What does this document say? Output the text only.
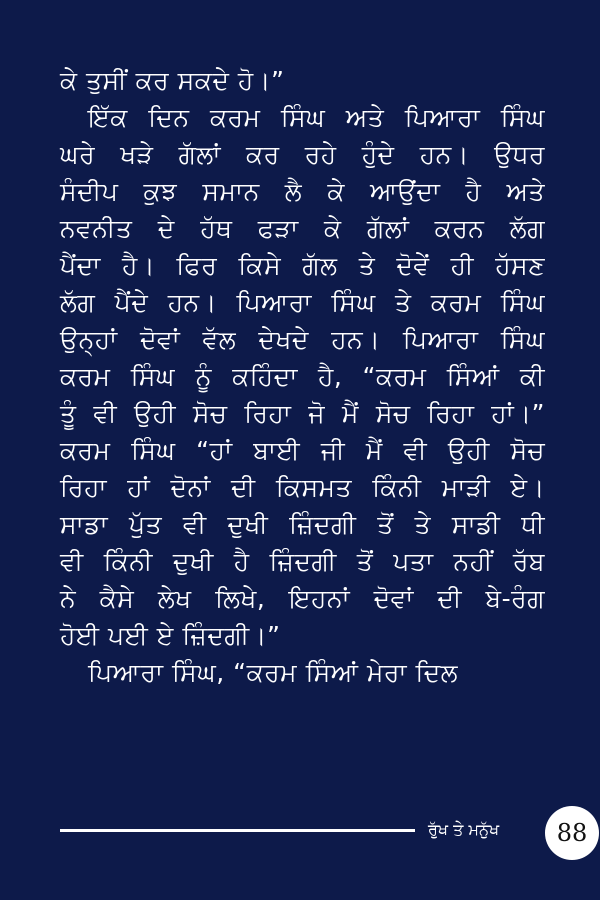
ਕੇ ਤੁਸੀਂ ਕਰ ਸਕਦੇ ਹੋ।”
ਇੱਕ ਦਿਨ ਕਰਮ ਸਿੰਘ ਅਤੇ ਪਿਆਰਾ ਸਿੰਘ
ਘਰੇ ਖੜੇ ਗੱਲਾਂ ਕਰ ਰਹੇ ਹੁੰਦੇ ਹਨ। ਉਧਰ
ਸੰਦੀਪ ਕੁਝ ਸਮਾਨ ਲੈ ਕੇ ਆਉਂਦਾ ਹੈ ਅਤੇ
ਨਵਨੀਤ ਦੇ ਹੱਥ ਫੜਾ ਕੇ ਗੱਲਾਂ ਕਰਨ ਲੱਗ
ਪੈਂਦਾ ਹੈ। ਫਿਰ ਕਿਸੇ ਗੱਲ ਤੇ ਦੋਵੇਂ ਹੀ ਹੱਸਣ
ਲੱਗ ਪੈਂਦੇ ਹਨ। ਪਿਆਰਾ ਸਿੰਘ ਤੇ ਕਰਮ ਸਿੰਘ
ਉਨ੍ਹਾਂ ਦੋਵਾਂ ਵੱਲ ਦੇਖਦੇ ਹਨ। ਪਿਆਰਾ ਸਿੰਘ
ਕਰਮ ਸਿੰਘ ਨੂੰ ਕਹਿੰਦਾ ਹੈ, “ਕਰਮ ਸਿੰਆਂ ਕੀ
ਤੂੰ ਵੀ ਉਹੀ ਸੋਚ ਰਿਹਾ ਜੋ ਮੈਂ ਸੋਚ ਰਿਹਾ ਹਾਂ।”
ਕਰਮ ਸਿੰਘ “ਹਾਂ ਬਾਈ ਜੀ ਮੈਂ ਵੀ ਉਹੀ ਸੋਚ
ਰਿਹਾ ਹਾਂ ਦੋਨਾਂ ਦੀ ਕਿਸਮਤ ਕਿੰਨੀ ਮਾੜੀ ਏ।
ਸਾਡਾ ਪੁੱਤ ਵੀ ਦੁਖੀ ਜ਼ਿੰਦਗੀ ਤੋਂ ਤੇ ਸਾਡੀ ਧੀ
ਵੀ ਕਿੰਨੀ ਦੁਖੀ ਹੈ ਜ਼ਿੰਦਗੀ ਤੋਂ ਪਤਾ ਨਹੀਂ ਰੱਬ
ਨੇ ਕੈਸੇ ਲੇਖ ਲਿਖੇ, ਇਹਨਾਂ ਦੋਵਾਂ ਦੀ ਬੇ-ਰੰਗ
ਹੋਈ ਪਈ ਏ ਜ਼ਿੰਦਗੀ।”
ਪਿਆਰਾ ਸਿੰਘ, “ਕਰਮ ਸਿੰਆਂ ਮੇਰਾ ਦਿਲ
ਰੁੱਖ ਤੇ ਮਨੁੱਖ 88
